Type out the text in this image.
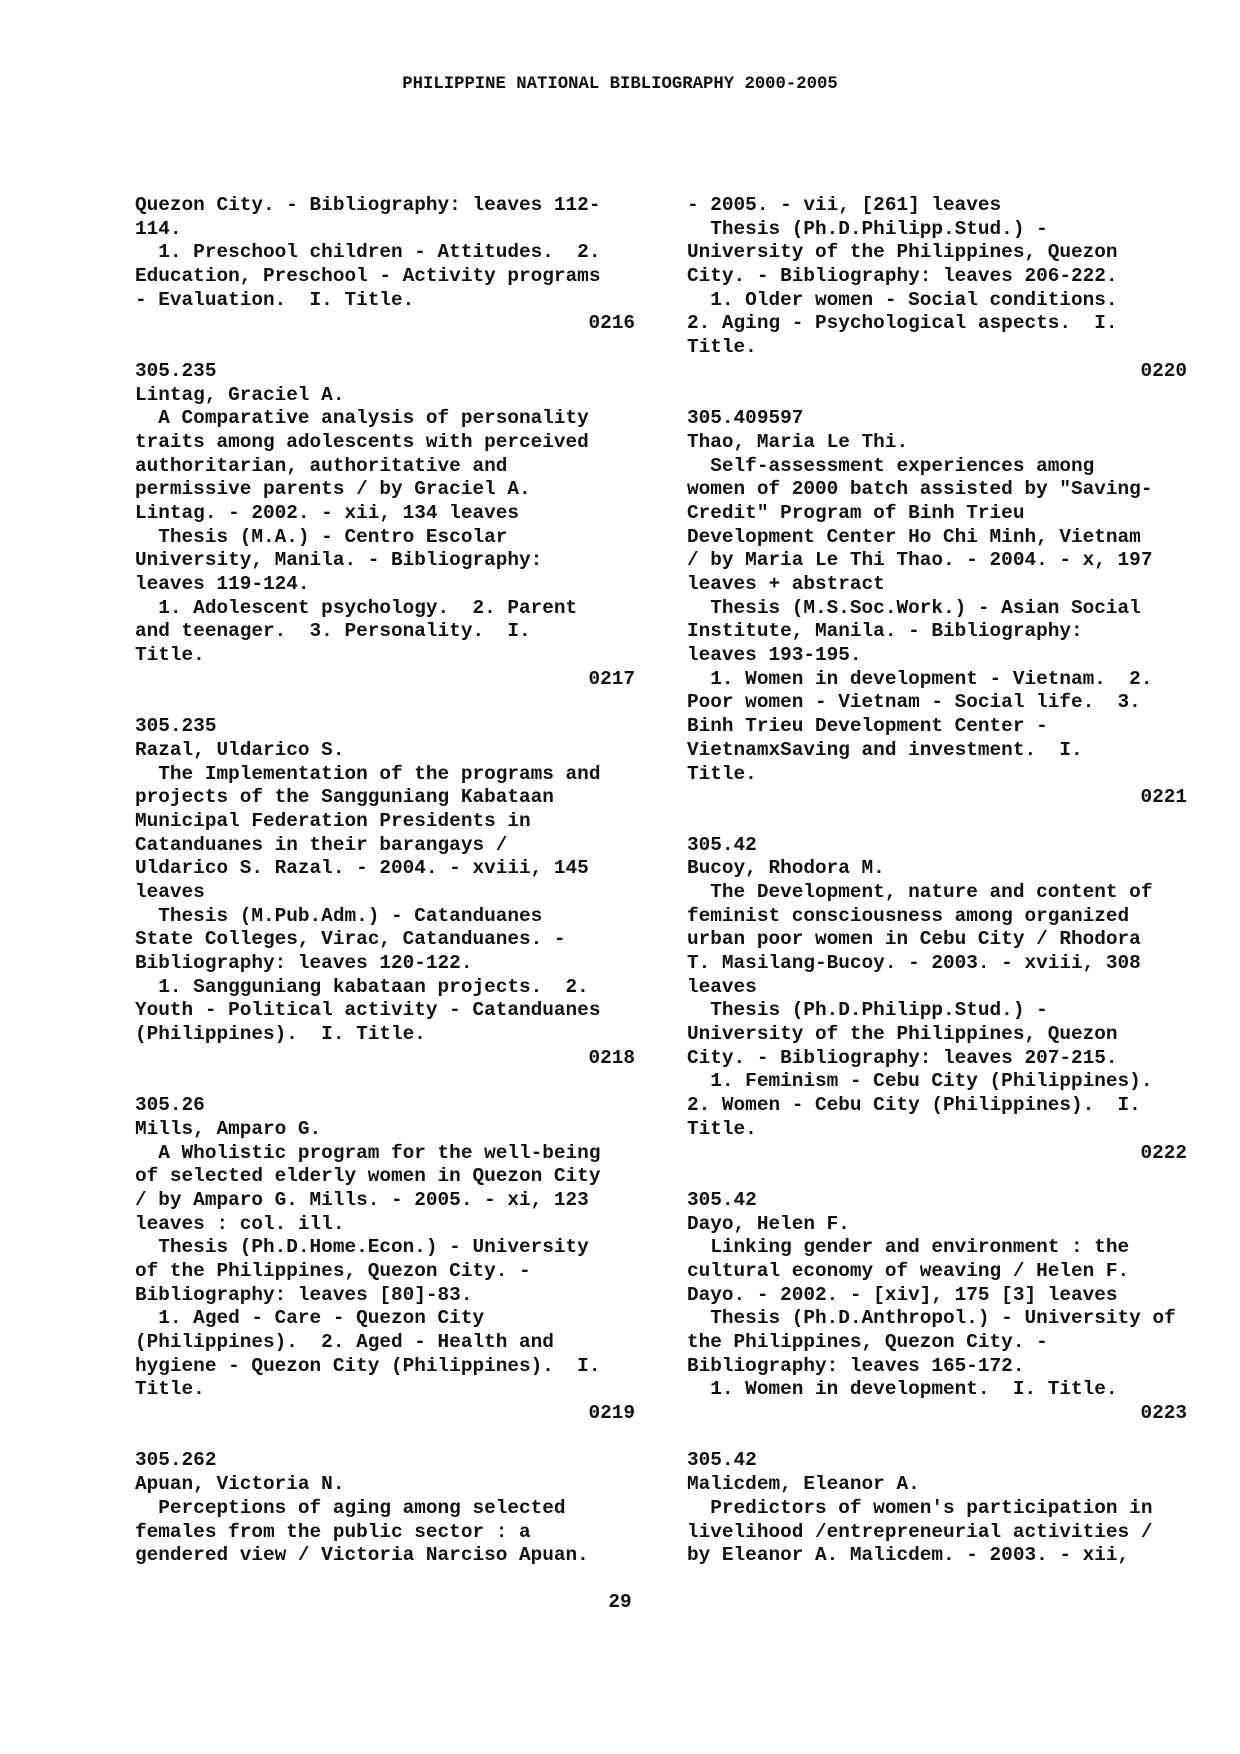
PHILIPPINE NATIONAL BIBLIOGRAPHY 2000-2005
Quezon City. - Bibliography: leaves 112-
114.
1. Preschool children - Attitudes.  2.
Education, Preschool - Activity programs
- Evaluation.  I. Title.
0216
305.235
Lintag, Graciel A.
A Comparative analysis of personality
traits among adolescents with perceived
authoritarian, authoritative and
permissive parents / by Graciel A.
Lintag. - 2002. - xii, 134 leaves
Thesis (M.A.) - Centro Escolar
University, Manila. - Bibliography:
leaves 119-124.
1. Adolescent psychology.  2. Parent
and teenager.  3. Personality.  I.
Title.
0217
305.235
Razal, Uldarico S.
The Implementation of the programs and
projects of the Sangguniang Kabataan
Municipal Federation Presidents in
Catanduanes in their barangays /
Uldarico S. Razal. - 2004. - xviii, 145
leaves
Thesis (M.Pub.Adm.) - Catanduanes
State Colleges, Virac, Catanduanes. -
Bibliography: leaves 120-122.
1. Sangguniang kabataan projects.  2.
Youth - Political activity - Catanduanes
(Philippines).  I. Title.
0218
305.26
Mills, Amparo G.
A Wholistic program for the well-being
of selected elderly women in Quezon City
/ by Amparo G. Mills. - 2005. - xi, 123
leaves : col. ill.
Thesis (Ph.D.Home.Econ.) - University
of the Philippines, Quezon City. -
Bibliography: leaves [80]-83.
1. Aged - Care - Quezon City
(Philippines).  2. Aged - Health and
hygiene - Quezon City (Philippines).  I.
Title.
0219
305.262
Apuan, Victoria N.
Perceptions of aging among selected
females from the public sector : a
gendered view / Victoria Narciso Apuan.
- 2005. - vii, [261] leaves
Thesis (Ph.D.Philipp.Stud.) -
University of the Philippines, Quezon
City. - Bibliography: leaves 206-222.
1. Older women - Social conditions.
2. Aging - Psychological aspects.  I.
Title.
0220
305.409597
Thao, Maria Le Thi.
Self-assessment experiences among
women of 2000 batch assisted by "Saving-
Credit" Program of Binh Trieu
Development Center Ho Chi Minh, Vietnam
/ by Maria Le Thi Thao. - 2004. - x, 197
leaves + abstract
Thesis (M.S.Soc.Work.) - Asian Social
Institute, Manila. - Bibliography:
leaves 193-195.
1. Women in development - Vietnam.  2.
Poor women - Vietnam - Social life.  3.
Binh Trieu Development Center -
VietnamxSaving and investment.  I.
Title.
0221
305.42
Bucoy, Rhodora M.
The Development, nature and content of
feminist consciousness among organized
urban poor women in Cebu City / Rhodora
T. Masilang-Bucoy. - 2003. - xviii, 308
leaves
Thesis (Ph.D.Philipp.Stud.) -
University of the Philippines, Quezon
City. - Bibliography: leaves 207-215.
1. Feminism - Cebu City (Philippines).
2. Women - Cebu City (Philippines).  I.
Title.
0222
305.42
Dayo, Helen F.
Linking gender and environment : the
cultural economy of weaving / Helen F.
Dayo. - 2002. - [xiv], 175 [3] leaves
Thesis (Ph.D.Anthropol.) - University of
the Philippines, Quezon City. -
Bibliography: leaves 165-172.
1. Women in development.  I. Title.
0223
305.42
Malicdem, Eleanor A.
Predictors of women's participation in
livelihood /entrepreneurial activities /
by Eleanor A. Malicdem. - 2003. - xii,
29
